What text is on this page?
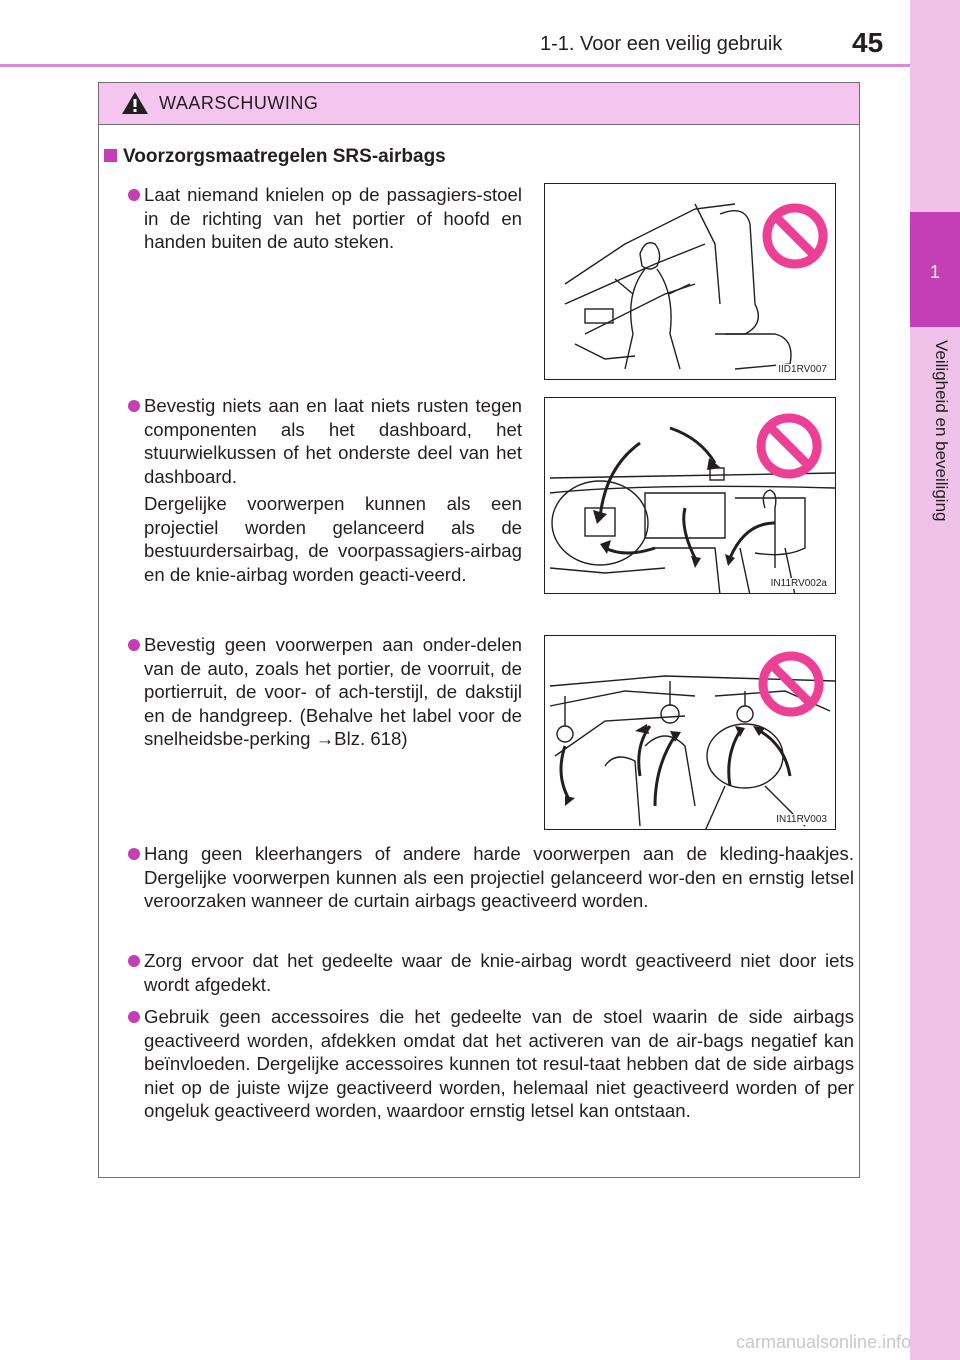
1-1. Voor een veilig gebruik 45
1
Veiligheid en beveiliging
WAARSCHUWING
Voorzorgsmaatregelen SRS-airbags
Laat niemand knielen op de passagiers-stoel in de richting van het portier of hoofd en handen buiten de auto steken.
Bevestig niets aan en laat niets rusten tegen componenten als het dashboard, het stuurwielkussen of het onderste deel van het dashboard.
Dergelijke voorwerpen kunnen als een projectiel worden gelanceerd als de bestuurdersairbag, de voorpassagiers-airbag en de knie-airbag worden geacti-veerd.
Bevestig geen voorwerpen aan onder-delen van de auto, zoals het portier, de voorruit, de portierruit, de voor- of ach-terstijl, de dakstijl en de handgreep. (Behalve het label voor de snelheidsbe-perking →Blz. 618)
Hang geen kleerhangers of andere harde voorwerpen aan de kleding-haakjes. Dergelijke voorwerpen kunnen als een projectiel gelanceerd wor-den en ernstig letsel veroorzaken wanneer de curtain airbags geactiveerd worden.
Zorg ervoor dat het gedeelte waar de knie-airbag wordt geactiveerd niet door iets wordt afgedekt.
Gebruik geen accessoires die het gedeelte van de stoel waarin de side airbags geactiveerd worden, afdekken omdat dat het activeren van de air-bags negatief kan beïnvloeden. Dergelijke accessoires kunnen tot resul-taat hebben dat de side airbags niet op de juiste wijze geactiveerd worden, helemaal niet geactiveerd worden of per ongeluk geactiveerd worden, waardoor ernstig letsel kan ontstaan.
IID1RV007
IN11RV002a
IN11RV003
carmanualsonline.info
